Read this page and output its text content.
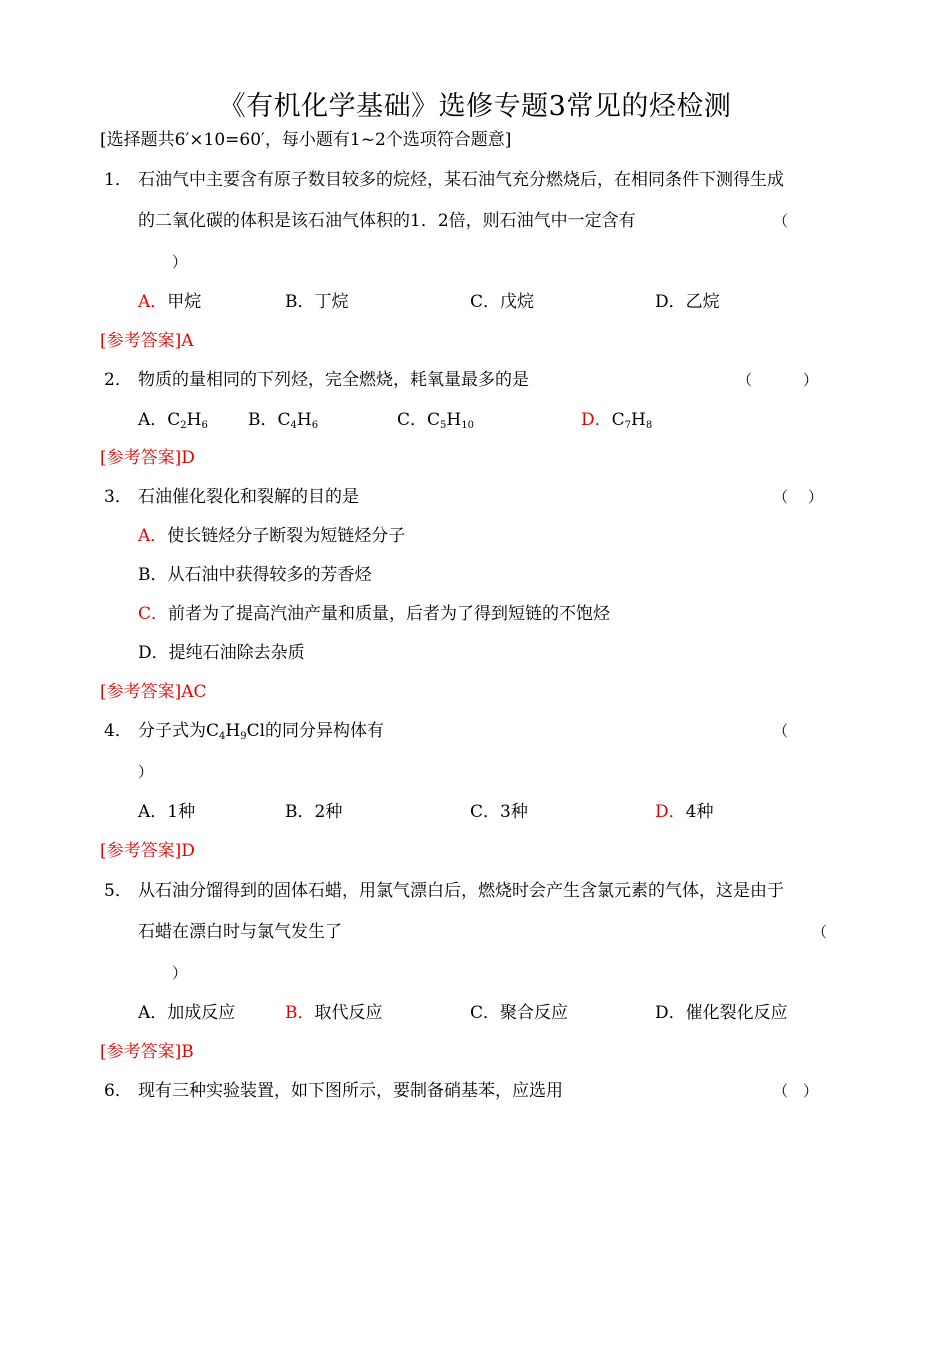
《有机化学基础》选修专题3常见的烃检测
[选择题共6′×10=60′，每小题有1~2个选项符合题意]
1． 石油气中主要含有原子数目较多的烷烃，某石油气充分燃烧后，在相同条件下测得生成
的二氧化碳的体积是该石油气体积的1．2倍，则石油气中一定含有	（
）
A．甲烷	B．丁烷	C．戊烷	D．乙烷
[参考答案]A
2． 物质的量相同的下列烃，完全燃烧，耗氧量最多的是	（	）
A．$C_2H_6$ B．$C_4H_6$	C．$C_5H_{10}$	D．$C_7H_8$
[参考答案]D
3． 石油催化裂化和裂解的目的是	（ ）
A．使长链烃分子断裂为短链烃分子
B．从石油中获得较多的芳香烃
C．前者为了提高汽油产量和质量，后者为了得到短链的不饱烃
D．提纯石油除去杂质
[参考答案]AC
4． 分子式为$C_4H_9Cl$的同分异构体有	（
）
A．1种	B．2种	C．3种	D．4种
[参考答案]D
5． 从石油分馏得到的固体石蜡，用氯气漂白后，燃烧时会产生含氯元素的气体，这是由于
石蜡在漂白时与氯气发生了	（
）
A．加成反应	B．取代反应	C．聚合反应	D．催化裂化反应
[参考答案]B
6． 现有三种实验装置，如下图所示，要制备硝基苯，应选用	（　）
